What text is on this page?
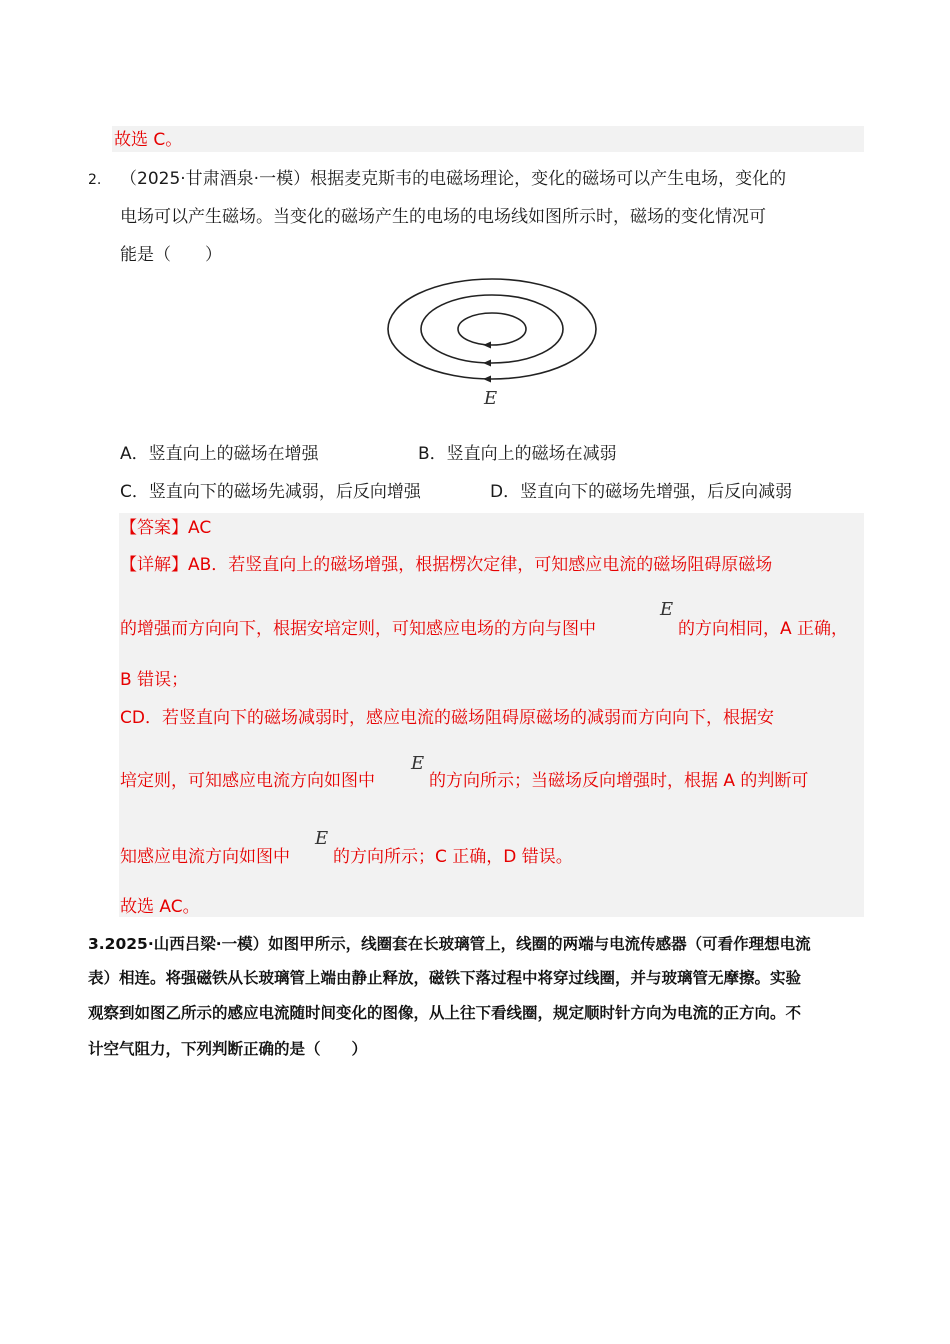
故选 C。
2. （2025·甘肃酒泉·一模）根据麦克斯韦的电磁场理论，变化的磁场可以产生电场，变化的
电场可以产生磁场。当变化的磁场产生的电场的电场线如图所示时，磁场的变化情况可
能是（　　）
E
A．竖直向上的磁场在增强	B．竖直向上的磁场在减弱
C．竖直向下的磁场先减弱，后反向增强	D．竖直向下的磁场先增强，后反向减弱
【答案】AC
【详解】AB．若竖直向上的磁场增强，根据楞次定律，可知感应电流的磁场阻碍原磁场
的增强而方向向下，根据安培定则，可知感应电场的方向与图中
E
的方向相同，A 正确，
B 错误；
CD．若竖直向下的磁场减弱时，感应电流的磁场阻碍原磁场的减弱而方向向下，根据安
培定则，可知感应电流方向如图中
E
的方向所示；当磁场反向增强时，根据 A 的判断可
知感应电流方向如图中
E
的方向所示；C 正确，D 错误。
故选 AC。
3.2025·山西吕梁·一模）如图甲所示，线圈套在长玻璃管上，线圈的两端与电流传感器（可看作理想电流
表）相连。将强磁铁从长玻璃管上端由静止释放，磁铁下落过程中将穿过线圈，并与玻璃管无摩擦。实验
观察到如图乙所示的感应电流随时间变化的图像，从上往下看线圈，规定顺时针方向为电流的正方向。不
计空气阻力，下列判断正确的是（　　）
